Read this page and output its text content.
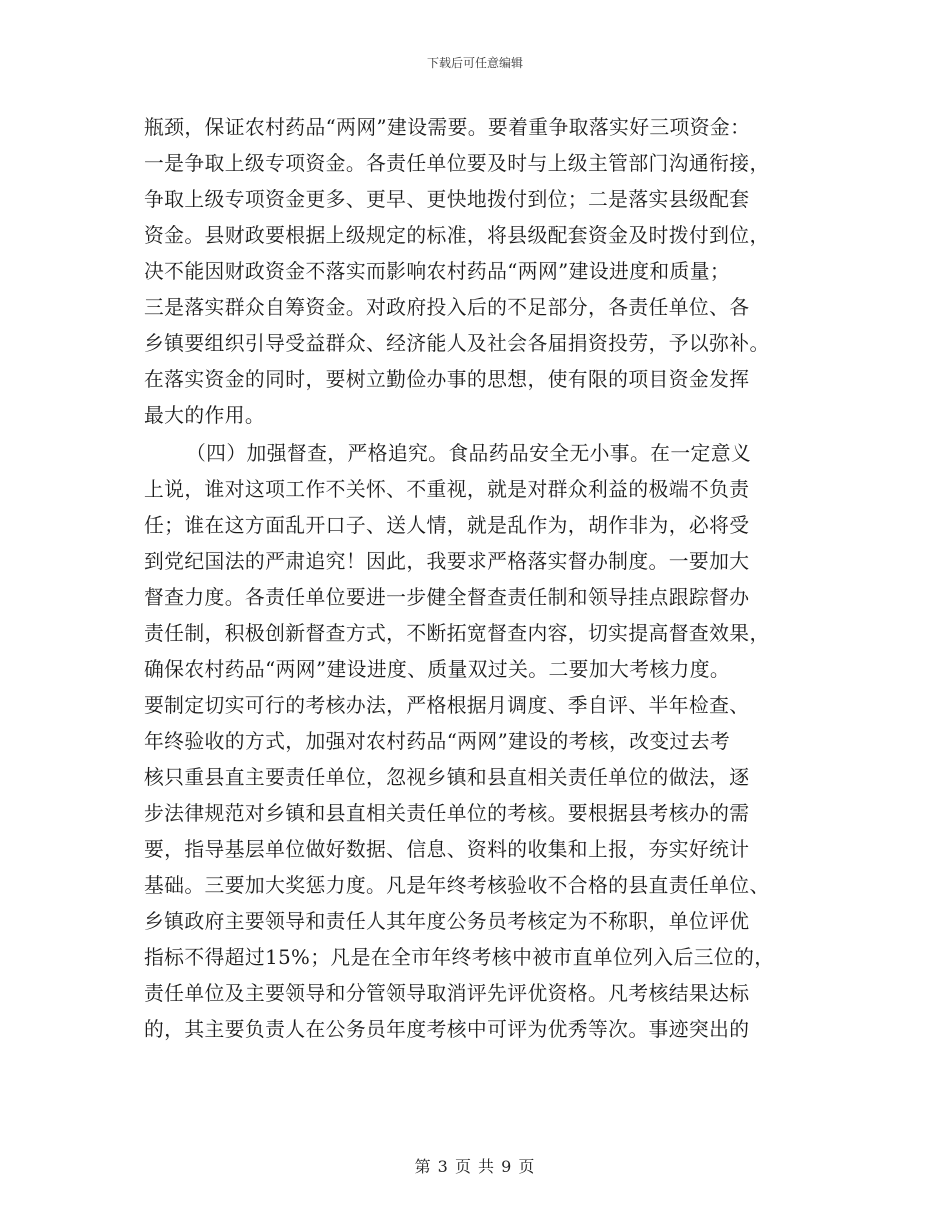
下载后可任意编辑
瓶颈，保证农村药品“两网”建设需要。要着重争取落实好三项资金：
一是争取上级专项资金。各责任单位要及时与上级主管部门沟通衔接，
争取上级专项资金更多、更早、更快地拨付到位；二是落实县级配套
资金。县财政要根据上级规定的标准，将县级配套资金及时拨付到位，
决不能因财政资金不落实而影响农村药品“两网”建设进度和质量；
三是落实群众自筹资金。对政府投入后的不足部分，各责任单位、各
乡镇要组织引导受益群众、经济能人及社会各届捐资投劳，予以弥补。
在落实资金的同时，要树立勤俭办事的思想，使有限的项目资金发挥
最大的作用。
（四）加强督查，严格追究。食品药品安全无小事。在一定意义
上说，谁对这项工作不关怀、不重视，就是对群众利益的极端不负责
任；谁在这方面乱开口子、送人情，就是乱作为，胡作非为，必将受
到党纪国法的严肃追究！因此，我要求严格落实督办制度。一要加大
督查力度。各责任单位要进一步健全督查责任制和领导挂点跟踪督办
责任制，积极创新督查方式，不断拓宽督查内容，切实提高督查效果，
确保农村药品“两网”建设进度、质量双过关。二要加大考核力度。
要制定切实可行的考核办法，严格根据月调度、季自评、半年检查、
年终验收的方式，加强对农村药品“两网”建设的考核，改变过去考
核只重县直主要责任单位，忽视乡镇和县直相关责任单位的做法，逐
步法律规范对乡镇和县直相关责任单位的考核。要根据县考核办的需
要，指导基层单位做好数据、信息、资料的收集和上报，夯实好统计
基础。三要加大奖惩力度。凡是年终考核验收不合格的县直责任单位、
乡镇政府主要领导和责任人其年度公务员考核定为不称职，单位评优
指标不得超过15%；凡是在全市年终考核中被市直单位列入后三位的，
责任单位及主要领导和分管领导取消评先评优资格。凡考核结果达标
的，其主要负责人在公务员年度考核中可评为优秀等次。事迹突出的
第 3 页 共 9 页
